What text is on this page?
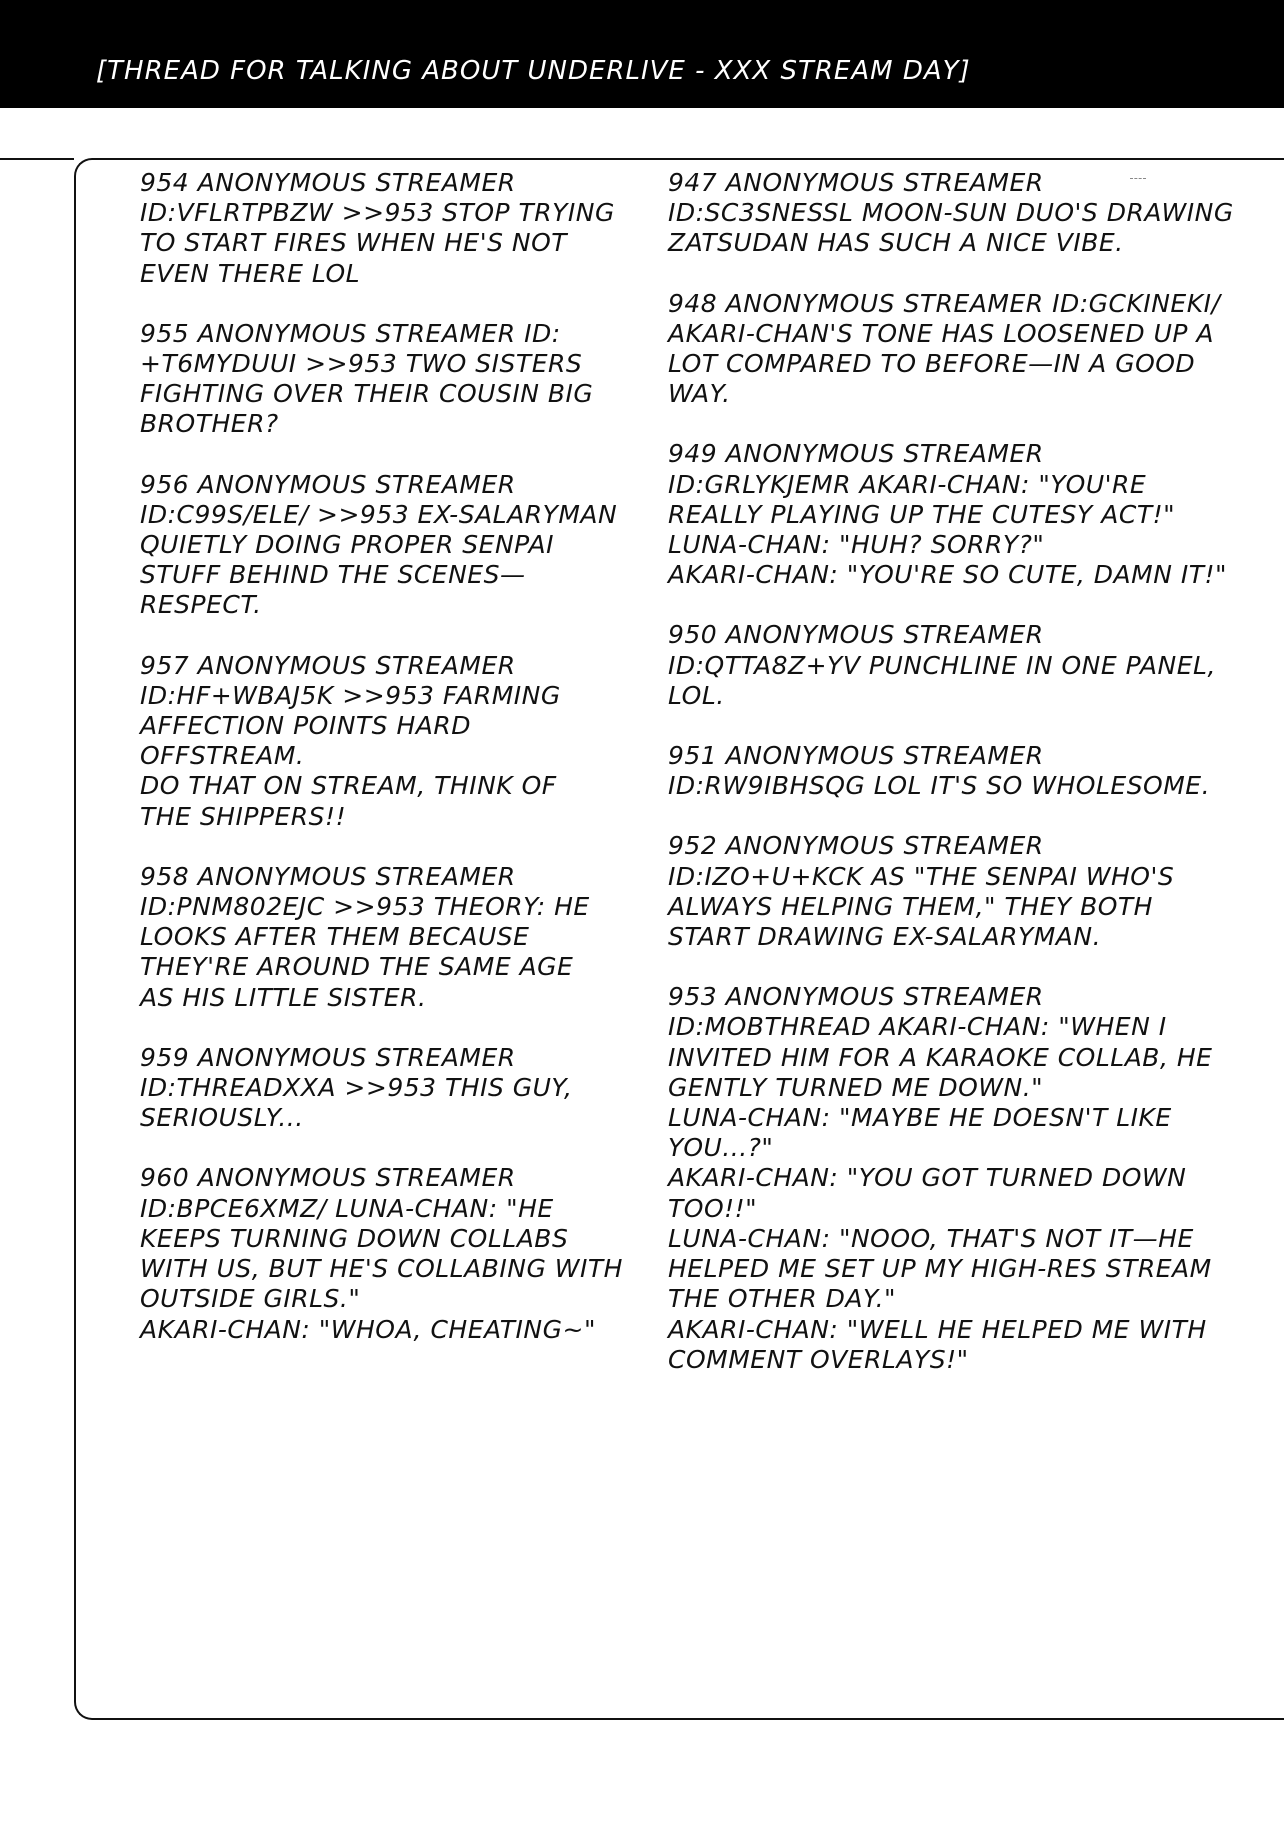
[THREAD FOR TALKING ABOUT UNDERLIVE - XXX STREAM DAY]
954 ANONYMOUS STREAMER
ID:VFLRTPBZW >>953 STOP TRYING
TO START FIRES WHEN HE'S NOT
EVEN THERE LOL
955 ANONYMOUS STREAMER ID:
+T6MYDUUI >>953 TWO SISTERS
FIGHTING OVER THEIR COUSIN BIG
BROTHER?
956 ANONYMOUS STREAMER
ID:C99S/ELE/ >>953 EX-SALARYMAN
QUIETLY DOING PROPER SENPAI
STUFF BEHIND THE SCENES—
RESPECT.
957 ANONYMOUS STREAMER
ID:HF+WBAJ5K >>953 FARMING
AFFECTION POINTS HARD
OFFSTREAM.
DO THAT ON STREAM, THINK OF
THE SHIPPERS!!
958 ANONYMOUS STREAMER
ID:PNM802EJC >>953 THEORY: HE
LOOKS AFTER THEM BECAUSE
THEY'RE AROUND THE SAME AGE
AS HIS LITTLE SISTER.
959 ANONYMOUS STREAMER
ID:THREADXXA >>953 THIS GUY,
SERIOUSLY...
960 ANONYMOUS STREAMER
ID:BPCE6XMZ/ LUNA-CHAN: "HE
KEEPS TURNING DOWN COLLABS
WITH US, BUT HE'S COLLABING WITH
OUTSIDE GIRLS."
AKARI-CHAN: "WHOA, CHEATING~"
947 ANONYMOUS STREAMER
ID:SC3SNESSL MOON-SUN DUO'S DRAWING
ZATSUDAN HAS SUCH A NICE VIBE.
948 ANONYMOUS STREAMER ID:GCKINEKI/
AKARI-CHAN'S TONE HAS LOOSENED UP A
LOT COMPARED TO BEFORE—IN A GOOD
WAY.
949 ANONYMOUS STREAMER
ID:GRLYKJEMR AKARI-CHAN: "YOU'RE
REALLY PLAYING UP THE CUTESY ACT!"
LUNA-CHAN: "HUH? SORRY?"
AKARI-CHAN: "YOU'RE SO CUTE, DAMN IT!"
950 ANONYMOUS STREAMER
ID:QTTA8Z+YV PUNCHLINE IN ONE PANEL,
LOL.
951 ANONYMOUS STREAMER
ID:RW9IBHSQG LOL IT'S SO WHOLESOME.
952 ANONYMOUS STREAMER
ID:IZO+U+KCK AS "THE SENPAI WHO'S
ALWAYS HELPING THEM," THEY BOTH
START DRAWING EX-SALARYMAN.
953 ANONYMOUS STREAMER
ID:MOBTHREAD AKARI-CHAN: "WHEN I
INVITED HIM FOR A KARAOKE COLLAB, HE
GENTLY TURNED ME DOWN."
LUNA-CHAN: "MAYBE HE DOESN'T LIKE
YOU...?"
AKARI-CHAN: "YOU GOT TURNED DOWN
TOO!!"
LUNA-CHAN: "NOOO, THAT'S NOT IT—HE
HELPED ME SET UP MY HIGH-RES STREAM
THE OTHER DAY."
AKARI-CHAN: "WELL HE HELPED ME WITH
COMMENT OVERLAYS!"
